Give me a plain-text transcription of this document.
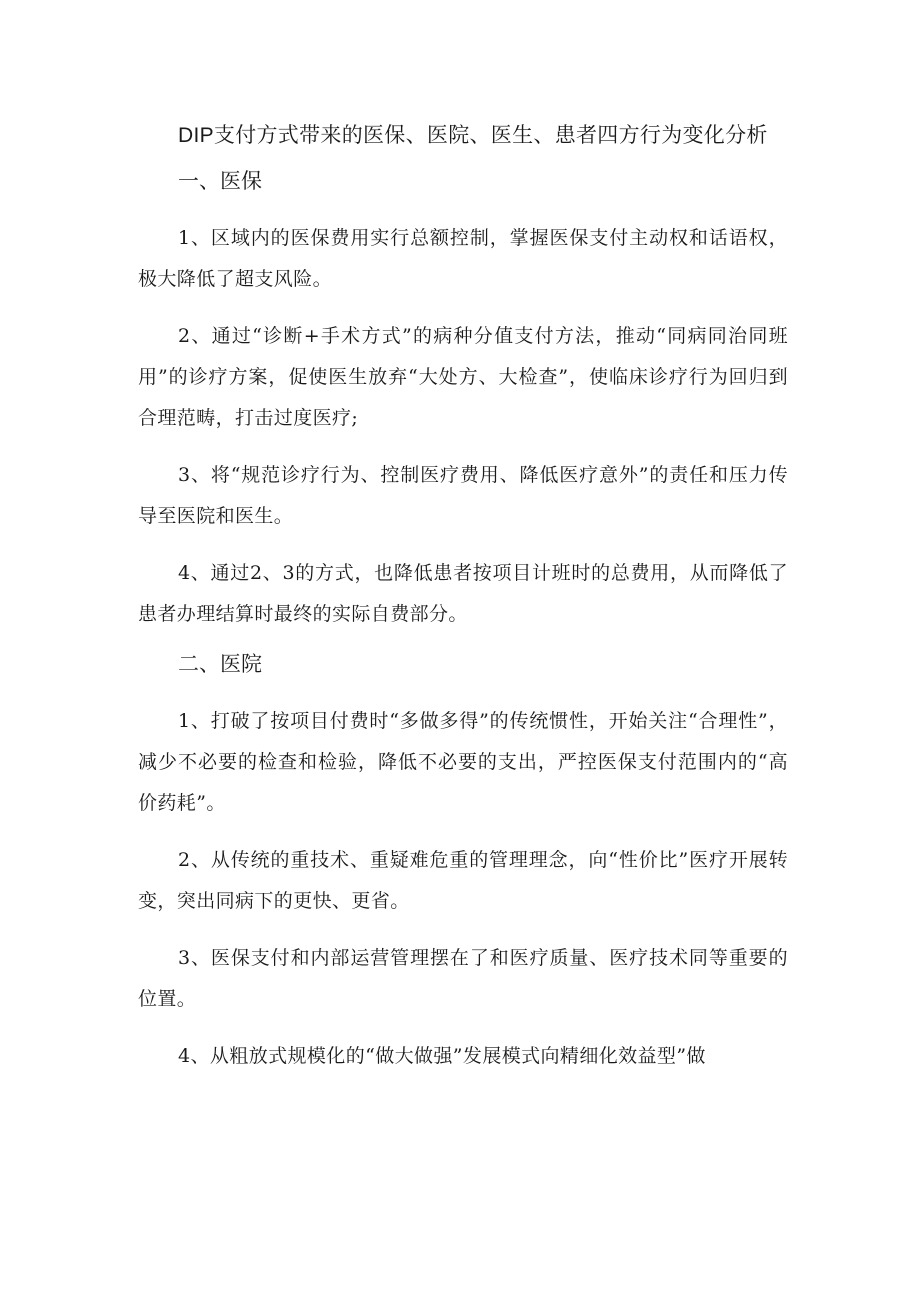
DIP支付方式带来的医保、医院、医生、患者四方行为变化分析
一、医保

1、区域内的医保费用实行总额控制，掌握医保支付主动权和话语权，极大降低了超支风险。

2、通过“诊断+手术方式”的病种分值支付方法，推动“同病同治同班用”的诊疗方案，促使医生放弃“大处方、大检查”，使临床诊疗行为回归到合理范畴，打击过度医疗;

3、将“规范诊疗行为、控制医疗费用、降低医疗意外”的责任和压力传导至医院和医生。

4、通过2、3的方式，也降低患者按项目计班时的总费用，从而降低了患者办理结算时最终的实际自费部分。

二、医院

1、打破了按项目付费时“多做多得”的传统惯性，开始关注“合理性”，减少不必要的检查和检验，降低不必要的支出，严控医保支付范围内的“高价药耗”。

2、从传统的重技术、重疑难危重的管理理念，向“性价比”医疗开展转变，突出同病下的更快、更省。

3、医保支付和内部运营管理摆在了和医疗质量、医疗技术同等重要的位置。

4、从粗放式规模化的“做大做强”发展模式向精细化效益型”做
